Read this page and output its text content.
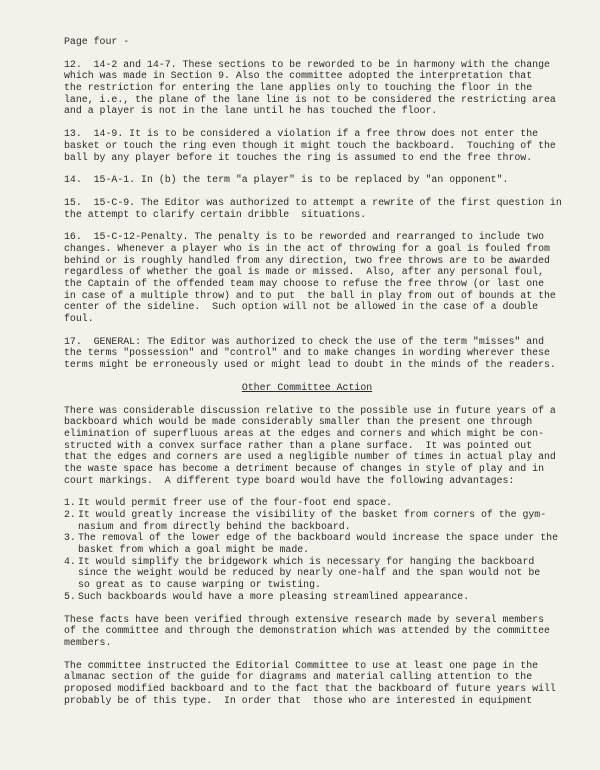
Page four -
12.  14-2 and 14-7. These sections to be reworded to be in harmony with the change
which was made in Section 9. Also the committee adopted the interpretation that
the restriction for entering the lane applies only to touching the floor in the
lane, i.e., the plane of the lane line is not to be considered the restricting area
and a player is not in the lane until he has touched the floor.
13.  14-9. It is to be considered a violation if a free throw does not enter the
basket or touch the ring even though it might touch the backboard.  Touching of the
ball by any player before it touches the ring is assumed to end the free throw.
14.  15-A-1. In (b) the term "a player" is to be replaced by "an opponent".
15.  15-C-9. The Editor was authorized to attempt a rewrite of the first question in
the attempt to clarify certain dribble  situations.
16.  15-C-12-Penalty. The penalty is to be reworded and rearranged to include two
changes. Whenever a player who is in the act of throwing for a goal is fouled from
behind or is roughly handled from any direction, two free throws are to be awarded
regardless of whether the goal is made or missed.  Also, after any personal foul,
the Captain of the offended team may choose to refuse the free throw (or last one
in case of a multiple throw) and to put  the ball in play from out of bounds at the
center of the sideline.  Such option will not be allowed in the case of a double
foul.
17.  GENERAL: The Editor was authorized to check the use of the term "misses" and
the terms "possession" and "control" and to make changes in wording wherever these
terms might be erroneously used or might lead to doubt in the minds of the readers.
Other Committee Action
There was considerable discussion relative to the possible use in future years of a
backboard which would be made considerably smaller than the present one through
elimination of superfluous areas at the edges and corners and which might be con-
structed with a convex surface rather than a plane surface.  It was pointed out
that the edges and corners are used a negligible number of times in actual play and
the waste space has become a detriment because of changes in style of play and in
court markings.  A different type board would have the following advantages:
1. It would permit freer use of the four-foot end space.
2. It would greatly increase the visibility of the basket from corners of the gym-
nasium and from directly behind the backboard.
3. The removal of the lower edge of the backboard would increase the space under the
basket from which a goal might be made.
4. It would simplify the bridgework which is necessary for hanging the backboard
since the weight would be reduced by nearly one-half and the span would not be
so great as to cause warping or twisting.
5. Such backboards would have a more pleasing streamlined appearance.
These facts have been verified through extensive research made by several members
of the committee and through the demonstration which was attended by the committee
members.
The committee instructed the Editorial Committee to use at least one page in the
almanac section of the guide for diagrams and material calling attention to the
proposed modified backboard and to the fact that the backboard of future years will
probably be of this type.  In order that  those who are interested in equipment
